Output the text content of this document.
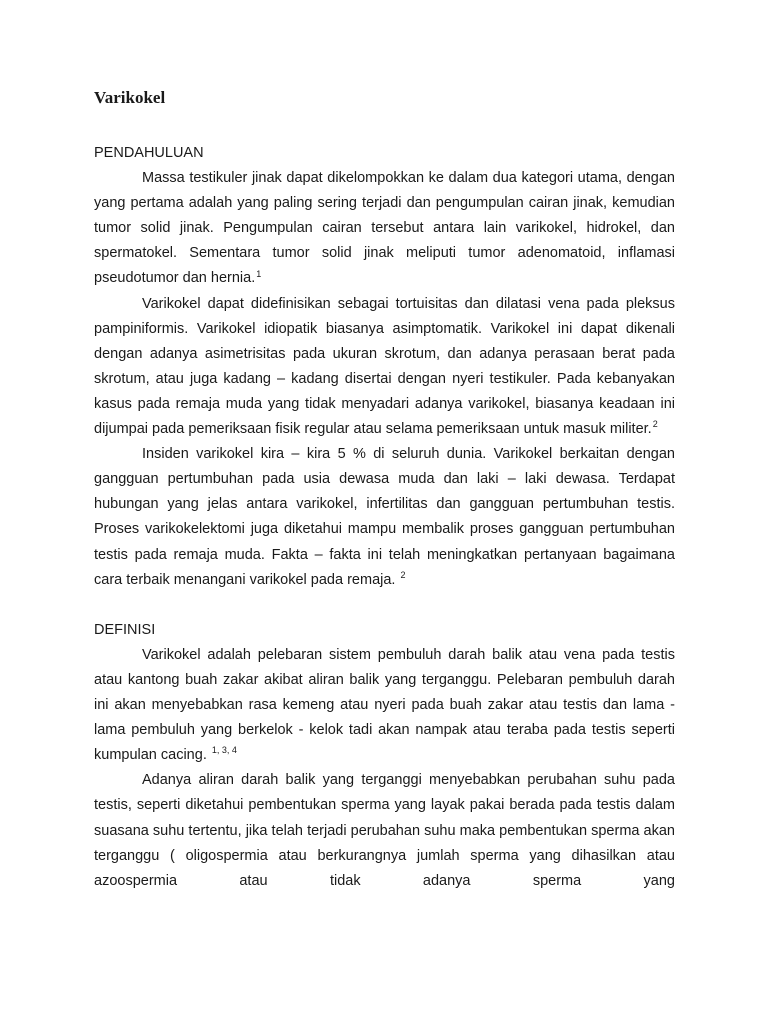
Varikokel
PENDAHULUAN

Massa testikuler jinak dapat dikelompokkan ke dalam dua kategori utama, dengan yang pertama adalah yang paling sering terjadi dan pengumpulan cairan jinak, kemudian tumor solid jinak. Pengumpulan cairan tersebut antara lain varikokel, hidrokel, dan spermatokel. Sementara tumor solid jinak meliputi tumor adenomatoid, inflamasi pseudotumor dan hernia.$^1$

Varikokel dapat didefinisikan sebagai tortuisitas dan dilatasi vena pada pleksus pampiniformis. Varikokel idiopatik biasanya asimptomatik. Varikokel ini dapat dikenali dengan adanya asimetrisitas pada ukuran skrotum, dan adanya perasaan berat pada skrotum, atau juga kadang – kadang disertai dengan nyeri testikuler. Pada kebanyakan kasus pada remaja muda yang tidak menyadari adanya varikokel, biasanya keadaan ini dijumpai pada pemeriksaan fisik regular atau selama pemeriksaan untuk masuk militer.$^2$

Insiden varikokel kira – kira 5 % di seluruh dunia. Varikokel berkaitan dengan gangguan pertumbuhan pada usia dewasa muda dan laki – laki dewasa. Terdapat hubungan yang jelas antara varikokel, infertilitas dan gangguan pertumbuhan testis. Proses varikokelektomi juga diketahui mampu membalik proses gangguan pertumbuhan testis pada remaja muda. Fakta – fakta ini telah meningkatkan pertanyaan bagaimana cara terbaik menangani varikokel pada remaja. $^2$

DEFINISI

Varikokel adalah pelebaran sistem pembuluh darah balik atau vena pada testis atau kantong buah zakar akibat aliran balik yang terganggu. Pelebaran pembuluh darah ini akan menyebabkan rasa kemeng atau nyeri pada buah zakar atau testis dan lama - lama pembuluh yang berkelok - kelok tadi akan nampak atau teraba pada testis seperti kumpulan cacing. $^{1, 3, 4}$

Adanya aliran darah balik yang terganggi menyebabkan perubahan suhu pada testis, seperti diketahui pembentukan sperma yang layak pakai berada pada testis dalam suasana suhu tertentu, jika telah terjadi perubahan suhu maka pembentukan sperma akan terganggu ( oligospermia atau berkurangnya jumlah sperma yang dihasilkan atau azoospermia atau tidak adanya sperma yang
